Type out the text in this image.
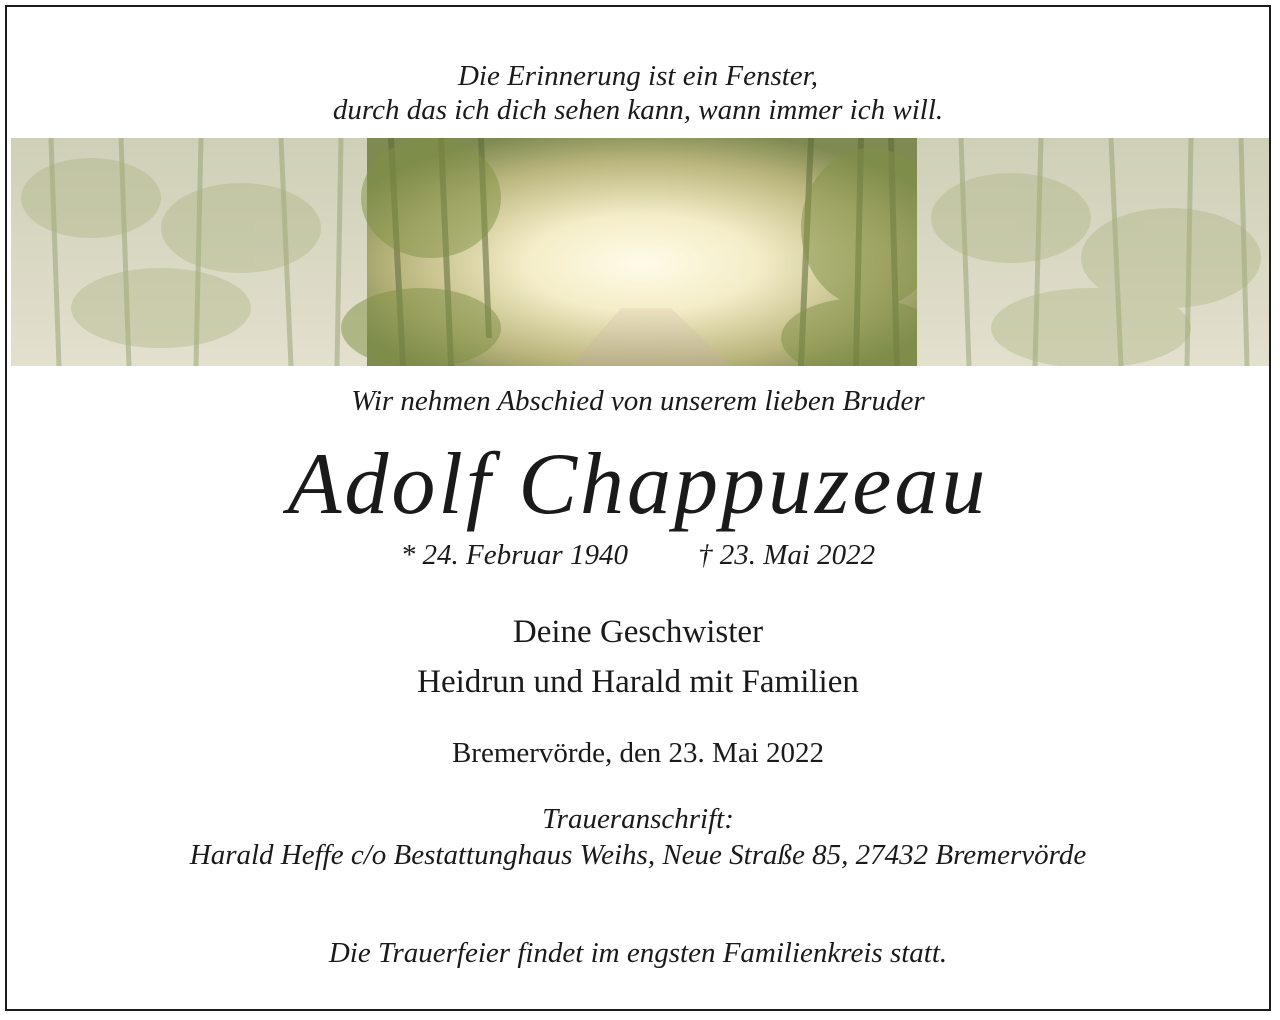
Die Erinnerung ist ein Fenster,
durch das ich dich sehen kann, wann immer ich will.
Wir nehmen Abschied von unserem lieben Bruder
Adolf Chappuzeau
* 24. Februar 1940 † 23. Mai 2022
Deine Geschwister
Heidrun und Harald mit Familien
Bremervörde, den 23. Mai 2022
Traueranschrift:
Harald Heffe c/o Bestattunghaus Weihs, Neue Straße 85, 27432 Bremervörde
Die Trauerfeier findet im engsten Familienkreis statt.
